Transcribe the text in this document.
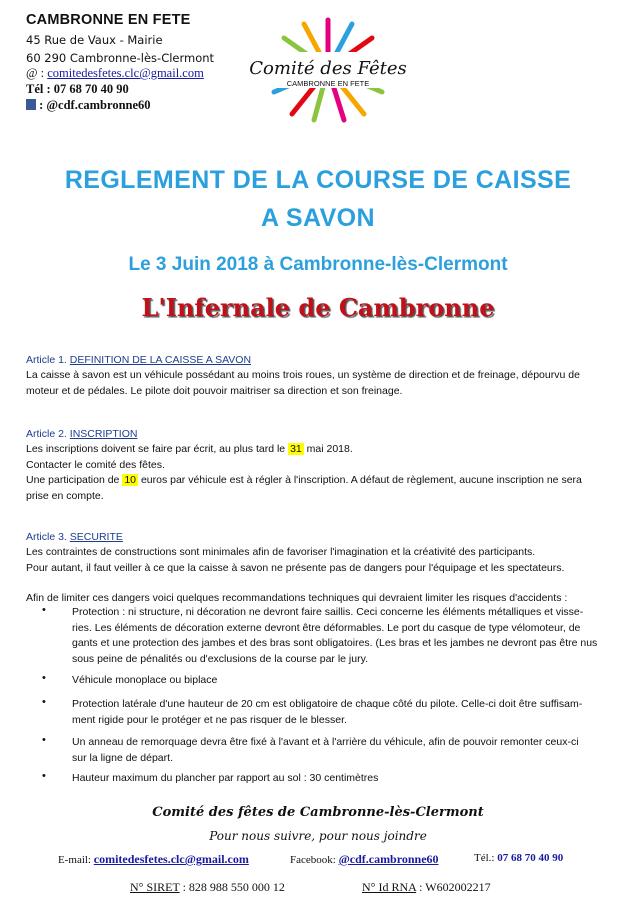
CAMBRONNE EN FETE
45 Rue de Vaux - Mairie
60 290 Cambronne-lès-Clermont
@ : comitedesfetes.clc@gmail.com
Tél : 07 68 70 40 90
: @cdf.cambronne60
Comité des Fêtes
CAMBRONNE EN FETE
REGLEMENT DE LA COURSE DE CAISSE
A SAVON
Le 3 Juin 2018 à Cambronne-lès-Clermont
L'Infernale de Cambronne
Article 1. DEFINITION DE LA CAISSE A SAVON
La caisse à savon est un véhicule possédant au moins trois roues, un système de direction et de freinage, dépourvu de
moteur et de pédales. Le pilote doit pouvoir maitriser sa direction et son freinage.
Article 2. INSCRIPTION
Les inscriptions doivent se faire par écrit, au plus tard le 31 mai 2018.
Contacter le comité des fêtes.
Une participation de 10 euros par véhicule est à régler à l'inscription. A défaut de règlement, aucune inscription ne sera
prise en compte.
Article 3. SECURITE
Les contraintes de constructions sont minimales afin de favoriser l'imagination et la créativité des participants.
Pour autant, il faut veiller à ce que la caisse à savon ne présente pas de dangers pour l'équipage et les spectateurs.
Afin de limiter ces dangers voici quelques recommandations techniques qui devraient limiter les risques d'accidents :
• Protection : ni structure, ni décoration ne devront faire saillis. Ceci concerne les éléments métalliques et visse-
ries. Les éléments de décoration externe devront être déformables. Le port du casque de type vélomoteur, de
gants et une protection des jambes et des bras sont obligatoires. (Les bras et les jambes ne devront pas être nus
sous peine de pénalités ou d'exclusions de la course par le jury.
• Véhicule monoplace ou biplace
• Protection latérale d'une hauteur de 20 cm est obligatoire de chaque côté du pilote. Celle-ci doit être suffisam-
ment rigide pour le protéger et ne pas risquer de le blesser.
• Un anneau de remorquage devra être fixé à l'avant et à l'arrière du véhicule, afin de pouvoir remonter ceux-ci
sur la ligne de départ.
• Hauteur maximum du plancher par rapport au sol : 30 centimètres
Comité des fêtes de Cambronne-lès-Clermont
Pour nous suivre, pour nous joindre
E-mail: comitedesfetes.clc@gmail.com	Facebook: @cdf.cambronne60	Tél.: 07 68 70 40 90
N° SIRET : 828 988 550 000 12	N° Id RNA : W602002217
